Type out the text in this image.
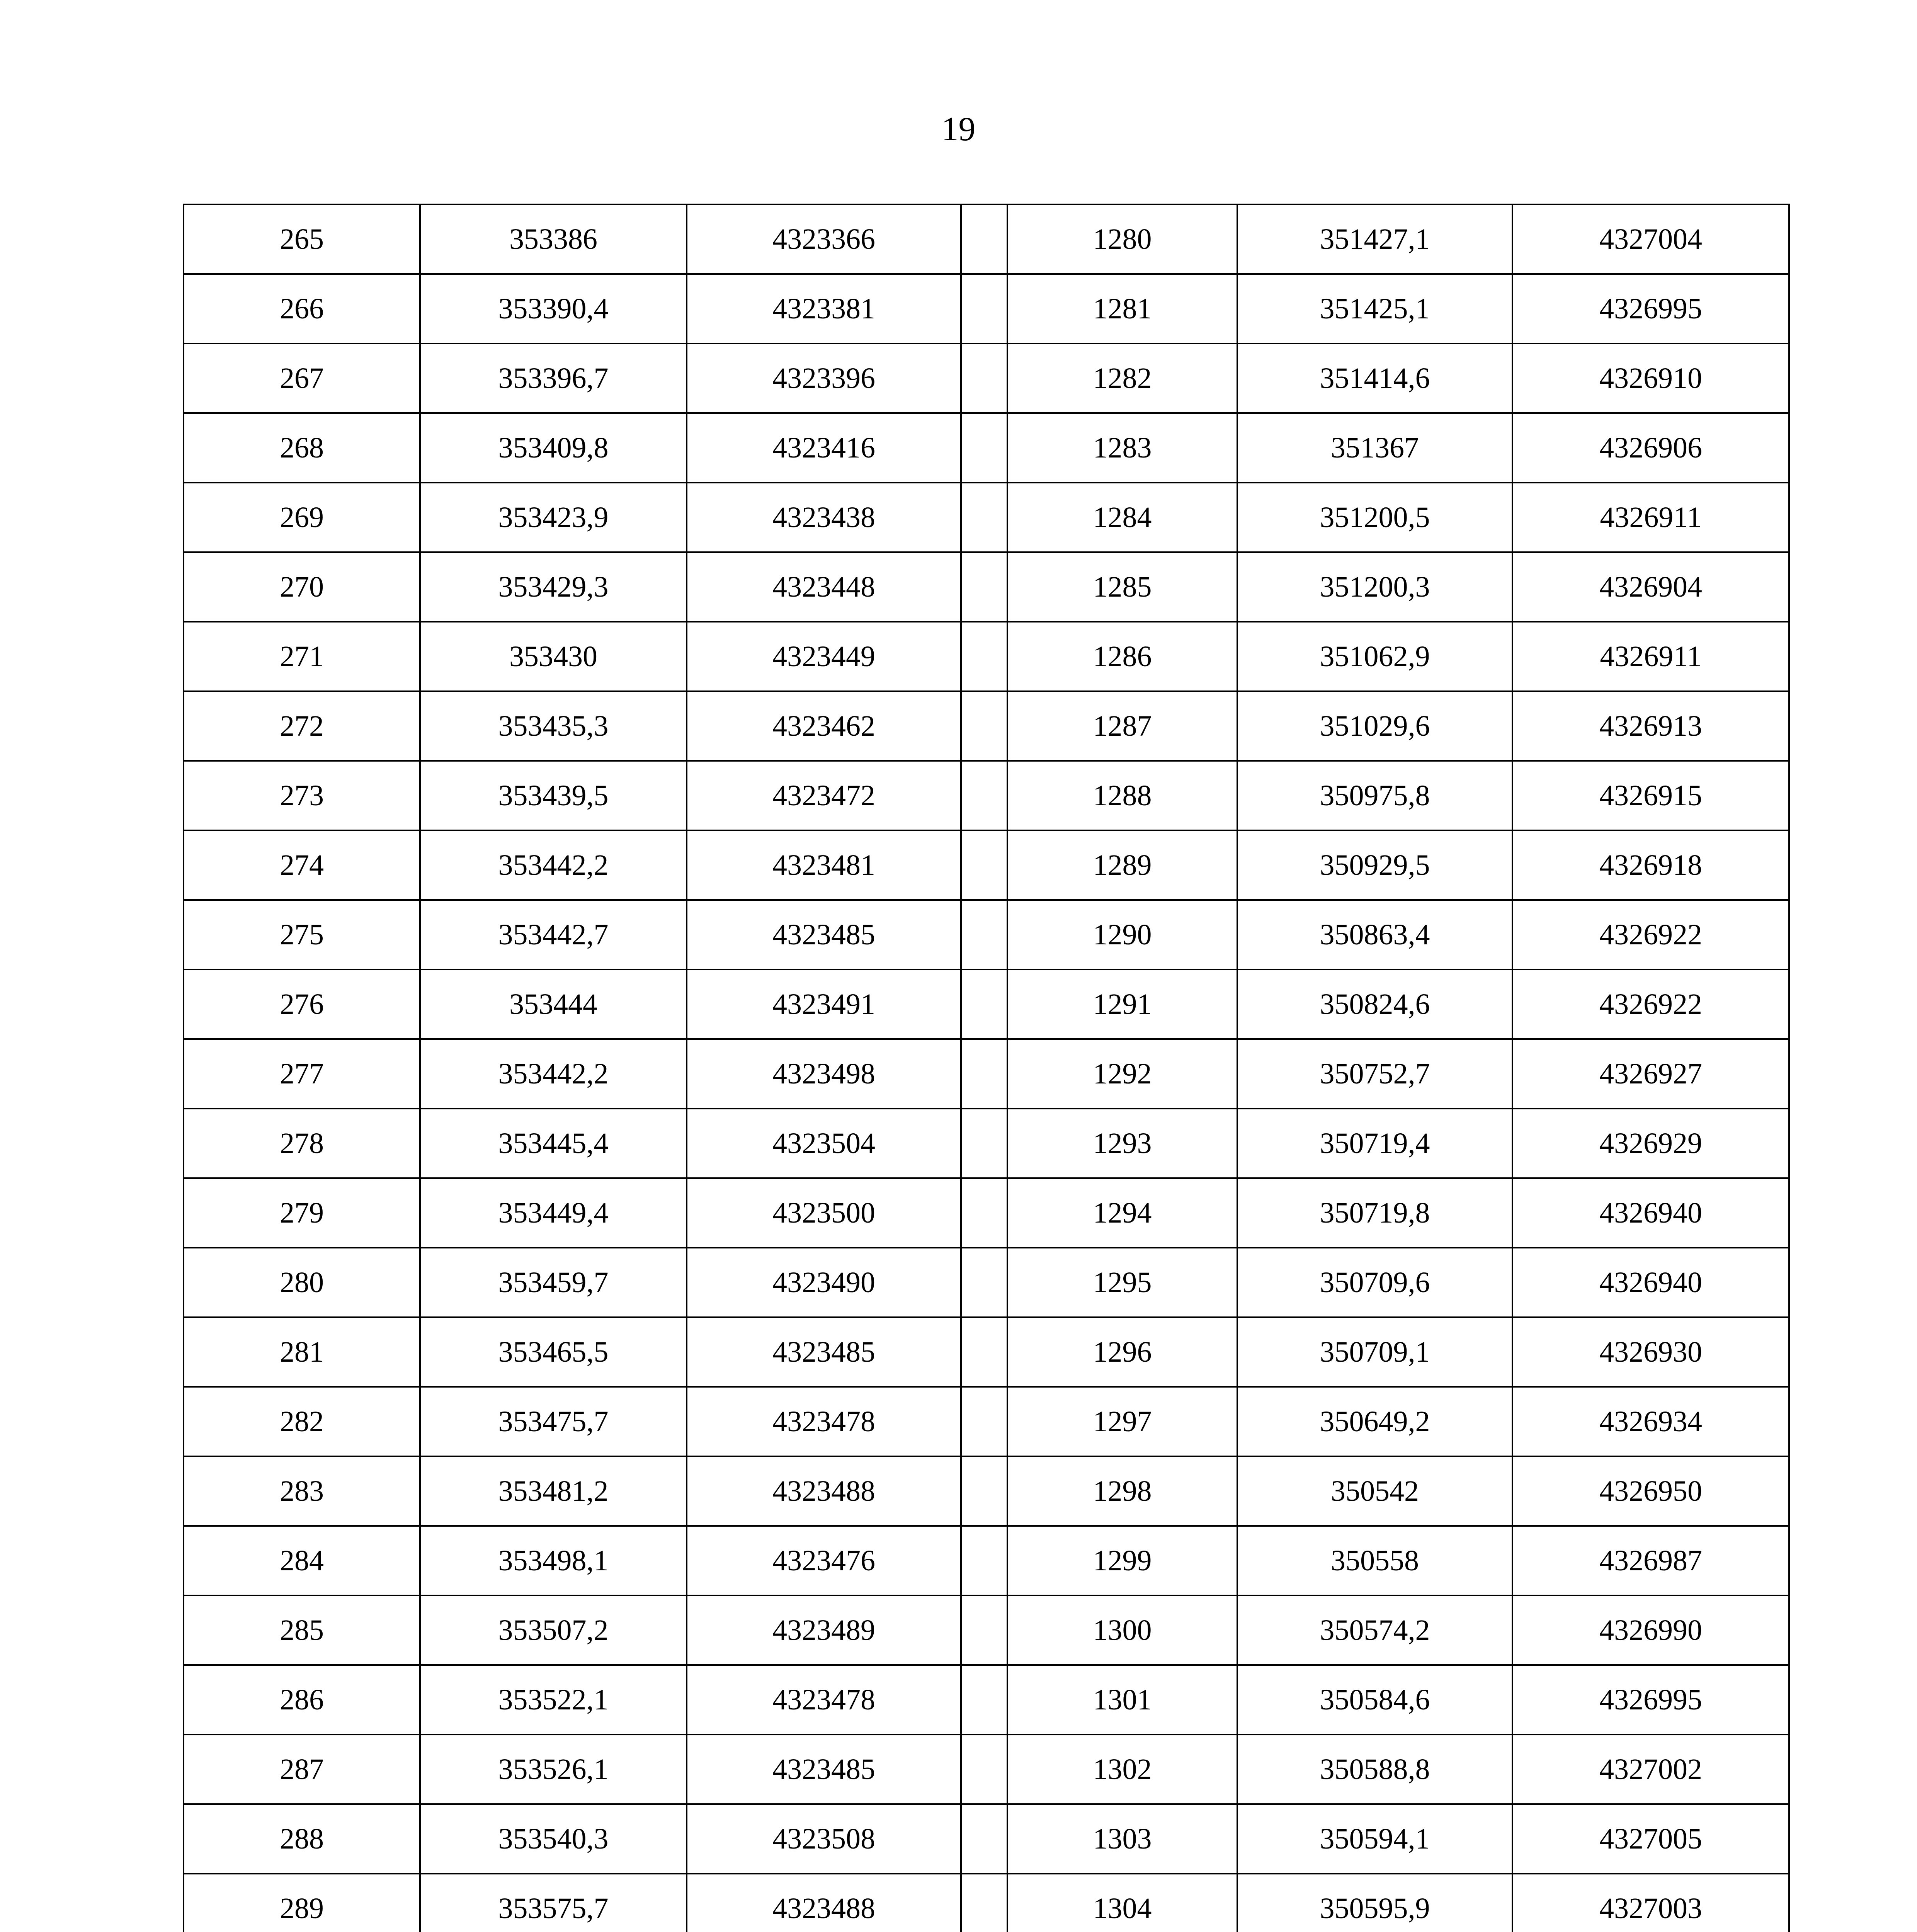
19
265	353386	4323366		1280	351427,1	4327004
266	353390,4	4323381		1281	351425,1	4326995
267	353396,7	4323396		1282	351414,6	4326910
268	353409,8	4323416		1283	351367	4326906
269	353423,9	4323438		1284	351200,5	4326911
270	353429,3	4323448		1285	351200,3	4326904
271	353430	4323449		1286	351062,9	4326911
272	353435,3	4323462		1287	351029,6	4326913
273	353439,5	4323472		1288	350975,8	4326915
274	353442,2	4323481		1289	350929,5	4326918
275	353442,7	4323485		1290	350863,4	4326922
276	353444	4323491		1291	350824,6	4326922
277	353442,2	4323498		1292	350752,7	4326927
278	353445,4	4323504		1293	350719,4	4326929
279	353449,4	4323500		1294	350719,8	4326940
280	353459,7	4323490		1295	350709,6	4326940
281	353465,5	4323485		1296	350709,1	4326930
282	353475,7	4323478		1297	350649,2	4326934
283	353481,2	4323488		1298	350542	4326950
284	353498,1	4323476		1299	350558	4326987
285	353507,2	4323489		1300	350574,2	4326990
286	353522,1	4323478		1301	350584,6	4326995
287	353526,1	4323485		1302	350588,8	4327002
288	353540,3	4323508		1303	350594,1	4327005
289	353575,7	4323488		1304	350595,9	4327003
